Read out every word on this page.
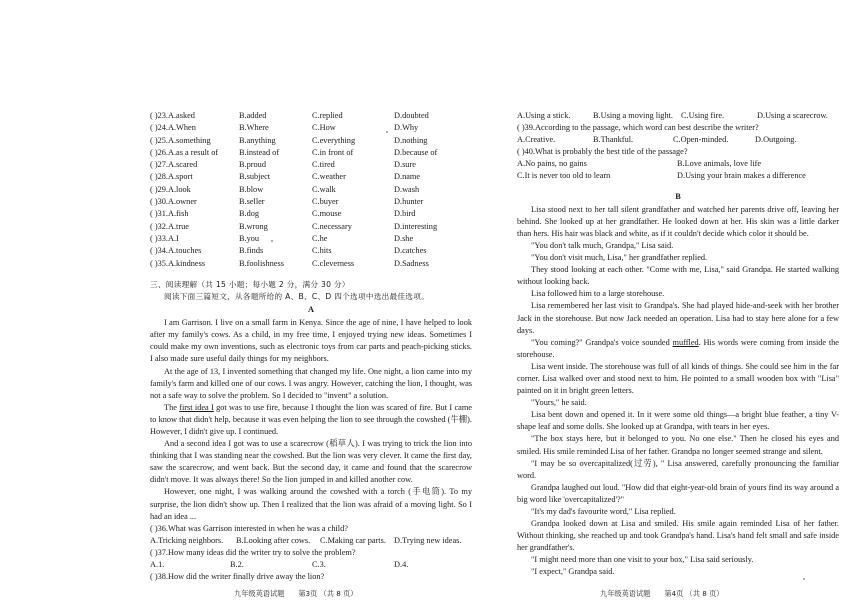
( )23.A.asked	B.added	C.replied	D.doubted
( )24.A.When	B.Where	C.How	D.Why
( )25.A.something	B.anything	C.everything	D.nothing
( )26.A.as a result of	B.instead of	C.in front of	D.because of
( )27.A.scared	B.proud	C.tired	D.sure
( )28.A.sport	B.subject	C.weather	D.name
( )29.A.look	B.blow	C.walk	D.wash
( )30.A.owner	B.seller	C.buyer	D.hunter
( )31.A.fish	B.dog	C.mouse	D.bird
( )32.A.true	B.wrong	C.necessary	D.interesting
( )33.A.I	B.you	C.he	D.she
( )34.A.touches	B.finds	C.hits	D.catches
( )35.A.kindness	B.foolishness	C.cleverness	D.Sadness
三、阅读理解（共 15 小题；每小题 2 分，满分 30 分）
阅读下面三篇短文，从各题所给的 A、B、C、D 四个选项中选出最佳选项。
A

I am Garrison. I live on a small farm in Kenya. Since the age of nine, I have helped to look after my family's cows. As a child, in my free time, I enjoyed trying new ideas. Sometimes I could make my own inventions, such as electronic toys from car parts and peach-picking sticks. I also made sure useful daily things for my neighbors.

At the age of 13, I invented something that changed my life. One night, a lion came into my family's farm and killed one of our cows. I was angry. However, catching the lion, I thought, was not a safe way to solve the problem. So I decided to "invent" a solution.

The first idea I got was to use fire, because I thought the lion was scared of fire. But I came to know that didn't help, because it was even helping the lion to see through the cowshed (牛棚). However, I didn't give up. I continued.

And a second idea I got was to use a scarecrow (稻草人). I was trying to trick the lion into thinking that I was standing near the cowshed. But the lion was very clever. It came the first day, saw the scarecrow, and went back. But the second day, it came and found that the scarecrow didn't move. It was always there! So the lion jumped in and killed another cow.

However, one night, I was walking around the cowshed with a torch (手电筒). To my surprise, the lion didn't show up. Then I realized that the lion was afraid of a moving light. So I had an idea ...

( )36.What was Garrison interested in when he was a child?
A.Tricking neighbors.	B.Looking after cows.	C.Making car parts. D.Trying new ideas.
( )37.How many ideas did the writer try to solve the problem?
A.1.	B.2.	C.3.	D.4.
( )38.How did the writer finally drive away the lion?
A.Using a stick.	B.Using a moving light. C.Using fire.	D.Using a scarecrow.
( )39.According to the passage, which word can best describe the writer?
A.Creative.	B.Thankful.	C.Open-minded.	D.Outgoing.
( )40.What is probably the best title of the passage?
A.No pains, no gains	B.Love animals, love life
C.It is never too old to learn	D.Using your brain makes a difference
B

Lisa stood next to her tall silent grandfather and watched her parents drive off, leaving her behind. She looked up at her grandfather. He looked down at her. His skin was a little darker than hers. His hair was black and white, as if it couldn't decide which color it should be.

"You don't talk much, Grandpa," Lisa said.

"You don't visit much, Lisa," her grandfather replied.

They stood looking at each other. "Come with me, Lisa," said Grandpa. He started walking without looking back.

Lisa followed him to a large storehouse.

Lisa remembered her last visit to Grandpa's. She had played hide-and-seek with her brother Jack in the storehouse. But now Jack needed an operation. Lisa had to stay here alone for a few days.

"You coming?" Grandpa's voice sounded muffled. His words were coming from inside the storehouse.

Lisa went inside. The storehouse was full of all kinds of things. She could see him in the far corner. Lisa walked over and stood next to him. He pointed to a small wooden box with "Lisa" painted on it in bright green letters.

"Yours," he said.

Lisa bent down and opened it. In it were some old things—a bright blue feather, a tiny V-shape leaf and some dolls. She looked up at Grandpa, with tears in her eyes.

"The box stays here, but it belonged to you. No one else." Then he closed his eyes and smiled. His smile reminded Lisa of her father. Grandpa no longer seemed strange and silent.

"I may be so overcapitalized(过劳), " Lisa answered, carefully pronouncing the familiar word.

Grandpa laughed out loud. "How did that eight-year-old brain of yours find its way around a big word like 'overcapitalized'?"

"It's my dad's favourite word," Lisa replied.

Grandpa looked down at Lisa and smiled. His smile again reminded Lisa of her father. Without thinking, she reached up and took Grandpa's hand. Lisa's hand felt small and safe inside her grandfather's.

"I might need more than one visit to your box," Lisa said seriously.

"I expect," Grandpa said.

九年级英语试题 第3页 （共 8 页）	九年级英语试题 第4页 （共 8 页）
